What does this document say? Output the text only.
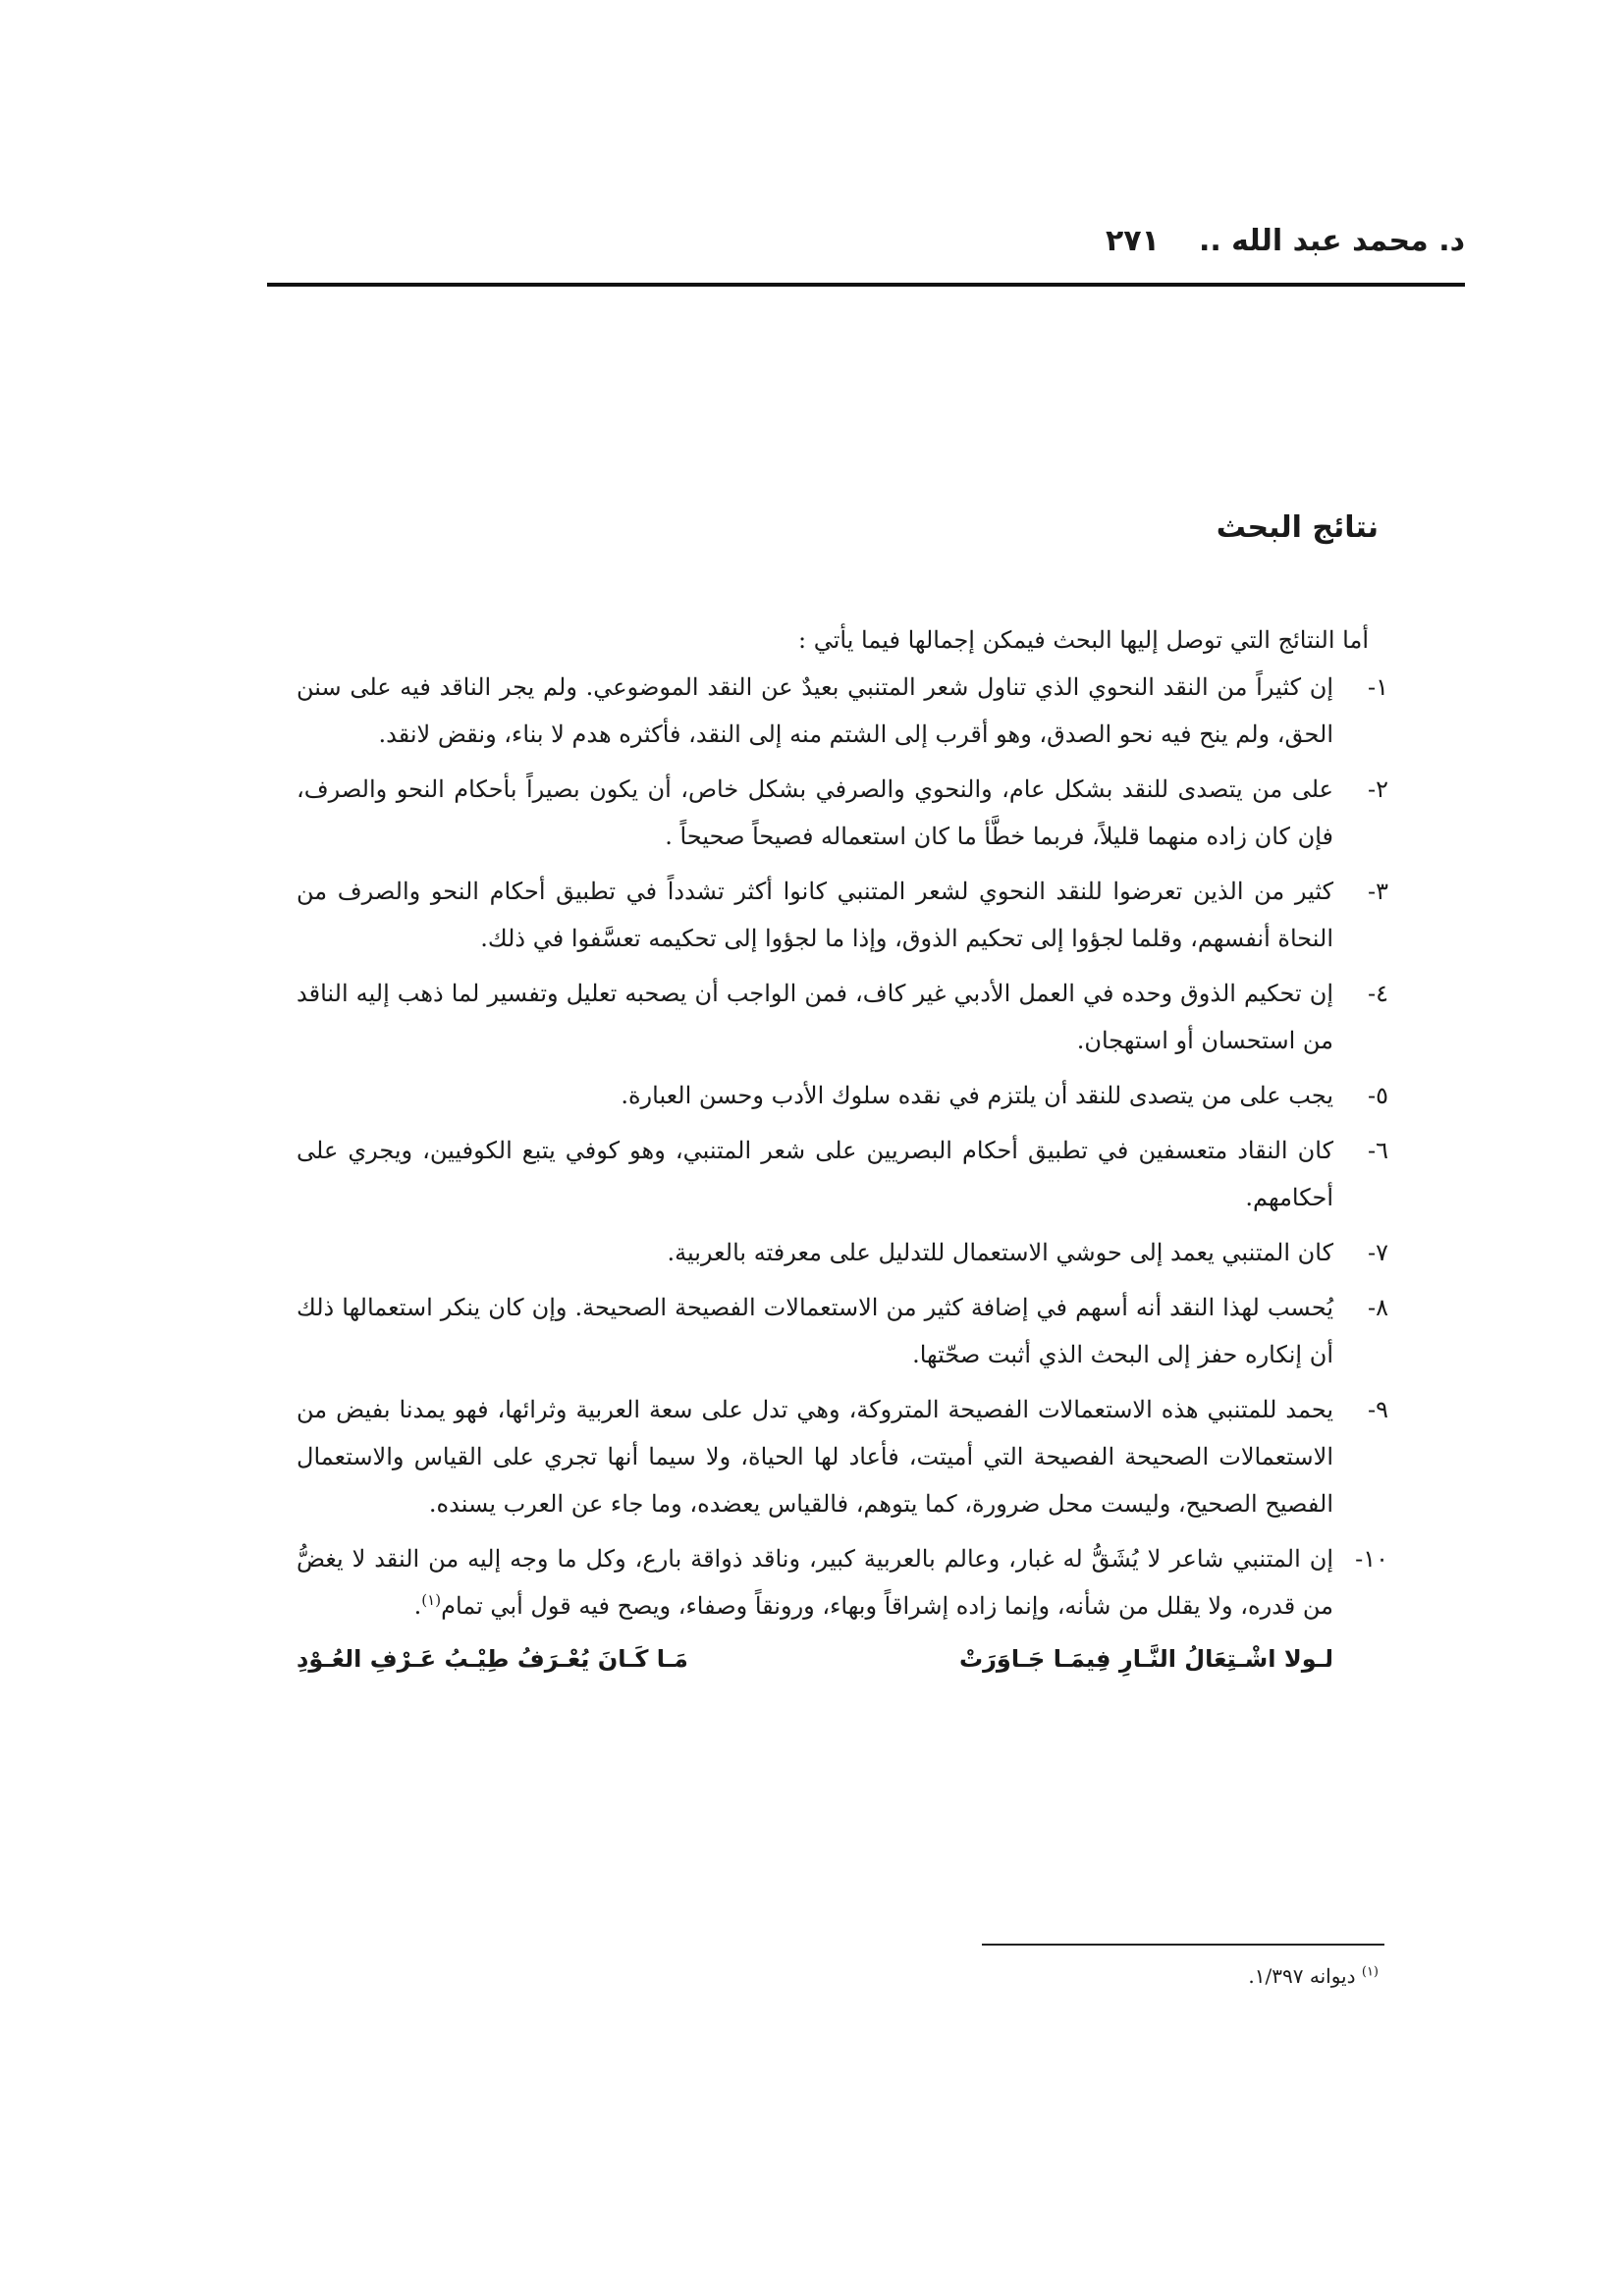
د. محمد عبد الله ..
٢٧١
نتائج البحث

أما النتائج التي توصل إليها البحث فيمكن إجمالها فيما يأتي :

١-
إن كثيراً من النقد النحوي الذي تناول شعر المتنبي بعيدٌ عن النقد الموضوعي. ولم يجر الناقد فيه على سنن الحق، ولم ينح فيه نحو الصدق، وهو أقرب إلى الشتم منه إلى النقد، فأكثره هدم لا بناء، ونقض لانقد.
٢-
على من يتصدى للنقد بشكل عام، والنحوي والصرفي بشكل خاص، أن يكون بصيراً بأحكام النحو والصرف، فإن كان زاده منهما قليلاً، فربما خطَّأ ما كان استعماله فصيحاً صحيحاً .
٣-
كثير من الذين تعرضوا للنقد النحوي لشعر المتنبي كانوا أكثر تشدداً في تطبيق أحكام النحو والصرف من النحاة أنفسهم، وقلما لجؤوا إلى تحكيم الذوق، وإذا ما لجؤوا إلى تحكيمه تعسَّفوا في ذلك.
٤-
إن تحكيم الذوق وحده في العمل الأدبي غير كاف، فمن الواجب أن يصحبه تعليل وتفسير لما ذهب إليه الناقد من استحسان أو استهجان.
٥-
يجب على من يتصدى للنقد أن يلتزم في نقده سلوك الأدب وحسن العبارة.
٦-
كان النقاد متعسفين في تطبيق أحكام البصريين على شعر المتنبي، وهو كوفي يتبع الكوفيين، ويجري على أحكامهم.
٧-
كان المتنبي يعمد إلى حوشي الاستعمال للتدليل على معرفته بالعربية.
٨-
يُحسب لهذا النقد أنه أسهم في إضافة كثير من الاستعمالات الفصيحة الصحيحة. وإن كان ينكر استعمالها ذلك أن إنكاره حفز إلى البحث الذي أثبت صحّتها.
٩-
يحمد للمتنبي هذه الاستعمالات الفصيحة المتروكة، وهي تدل على سعة العربية وثرائها، فهو يمدنا بفيض من الاستعمالات الصحيحة الفصيحة التي أميتت، فأعاد لها الحياة، ولا سيما أنها تجري على القياس والاستعمال الفصيح الصحيح، وليست محل ضرورة، كما يتوهم، فالقياس يعضده، وما جاء عن العرب يسنده.
١٠-
إن المتنبي شاعر لا يُشَقُّ له غبار، وعالم بالعربية كبير، وناقد ذواقة بارع، وكل ما وجه إليه من النقد لا يغضُّ من قدره، ولا يقلل من شأنه، وإنما زاده إشراقاً وبهاء، ورونقاً وصفاء، ويصح فيه قول أبي تمام$^{(١)}$.
لـولا اشْـتِعَالُ النَّـارِ فِيمَـا جَـاوَرَتْ
مَـا كَـانَ يُعْـرَفُ طِيْـبُ عَـرْفِ العُـوْدِ

$^{(١)}$ ديوانه ١/٣٩٧.
